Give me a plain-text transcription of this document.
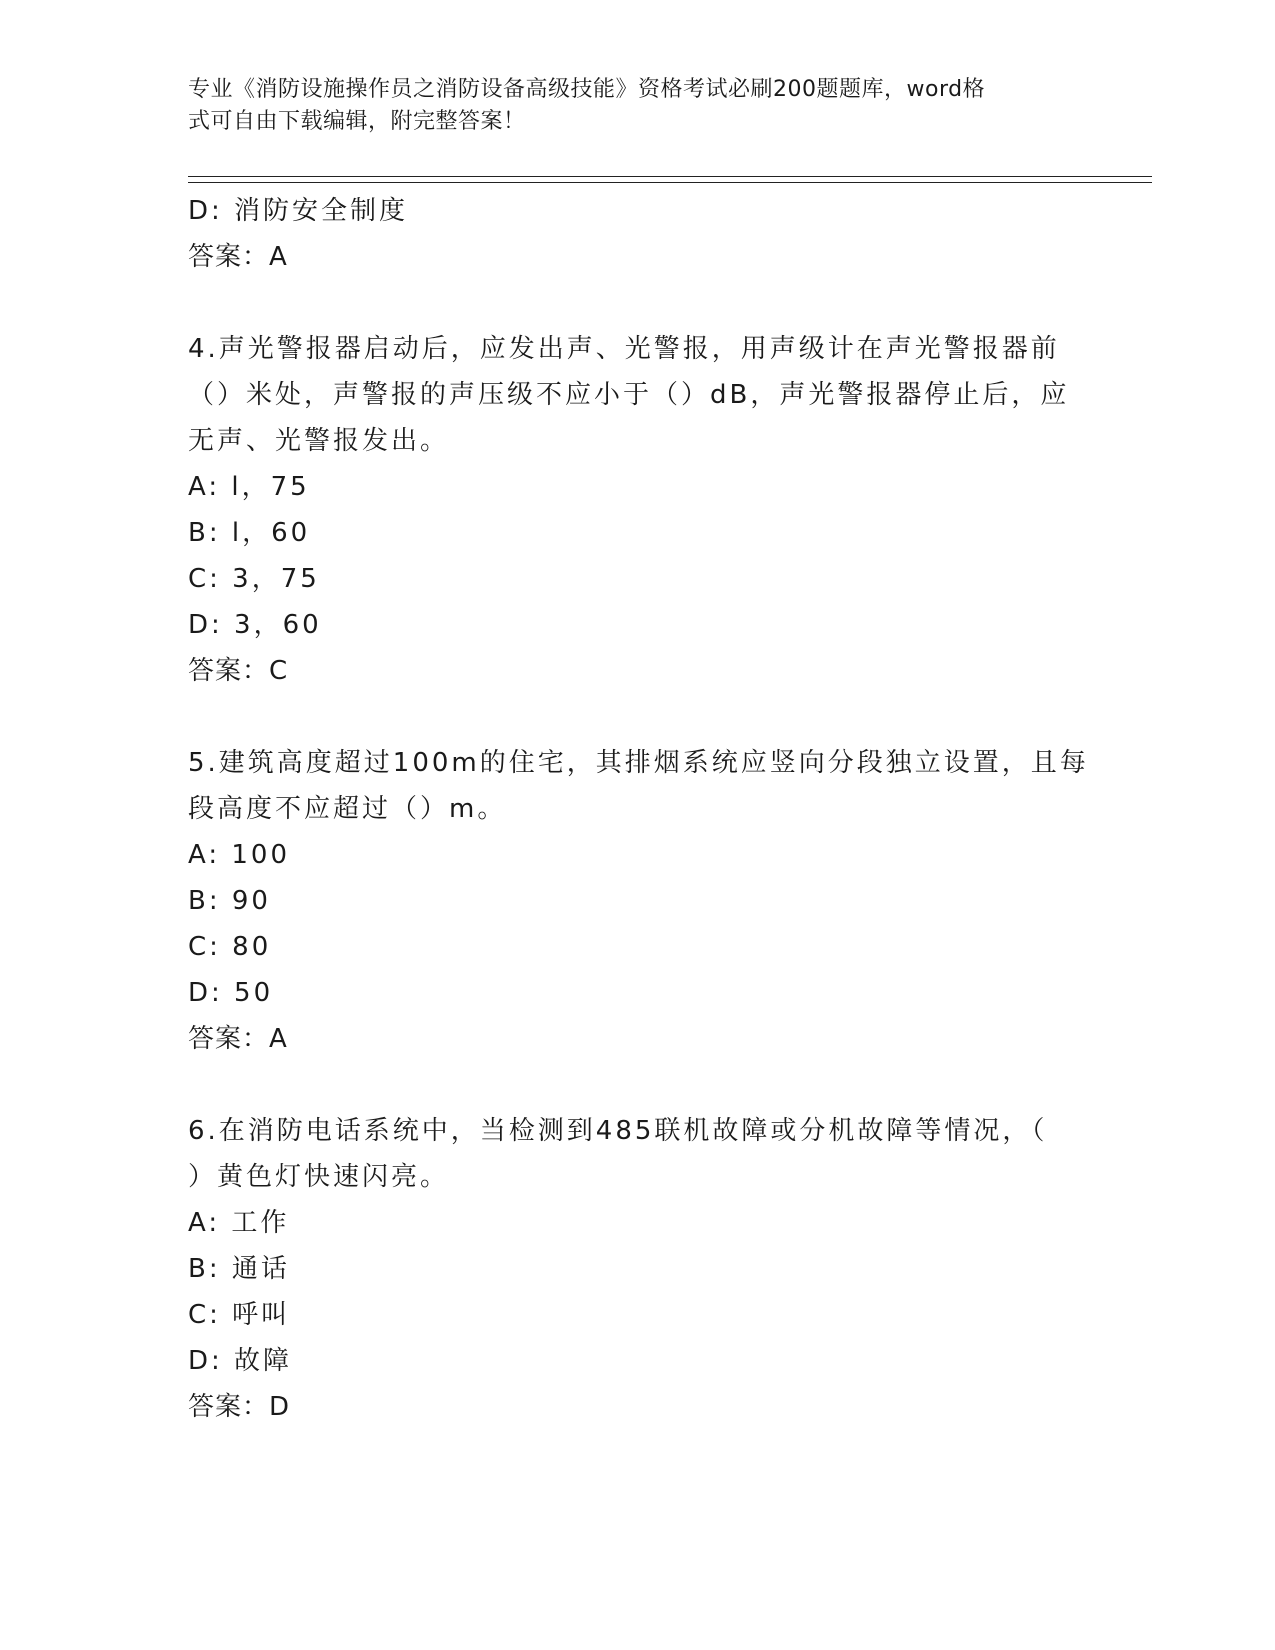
专业《消防设施操作员之消防设备高级技能》资格考试必刷200题题库，word格
式可自由下载编辑，附完整答案！
D: 消防安全制度
答案：A
4.声光警报器启动后，应发出声、光警报，用声级计在声光警报器前
（）米处，声警报的声压级不应小于（）dB，声光警报器停止后，应
无声、光警报发出。
A: l，75
B: l，60
C: 3，75
D: 3，60
答案：C
5.建筑高度超过100m的住宅，其排烟系统应竖向分段独立设置，且每
段高度不应超过（）m。
A: 100
B: 90
C: 80
D: 50
答案：A
6.在消防电话系统中，当检测到485联机故障或分机故障等情况，（
）黄色灯快速闪亮。
A: 工作
B: 通话
C: 呼叫
D: 故障
答案：D
